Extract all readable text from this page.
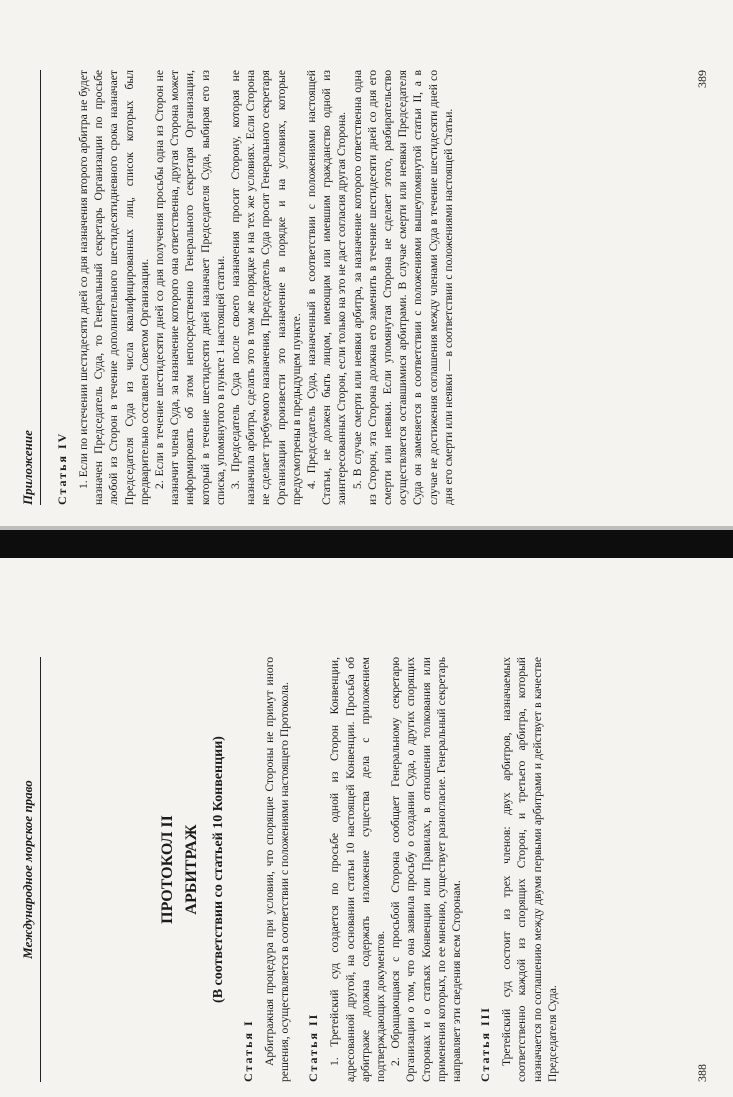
Международное морское право	ПРОТОКОЛ II АРБИТРАЖ (В соответствии со статьей 10 Конвенции)
Статья I Арбитражная процедура при условии, что спорящие Стороны не примут иного решения, осуществляется в соответствии с положениями настоящего Протокола. Статья II 1. Третейский суд создается по просьбе одной из Сторон Конвенции, адресованной другой, на основании статьи 10 настоящей Конвенции. Просьба об арбитраже должна содержать изложение существа дела с приложением подтверждающих документов. 2. Обращающаяся с просьбой Сторона сообщает Генеральному секретарю Организации о том, что она заявила просьбу о создании Суда, о других спорящих Сторонах и о статьях Конвенции или Правилах, в отношении толкования или применения которых, по ее мнению, существует разногласие. Генеральный секретарь направляет эти сведения всем Сторонам. Статья III Третейский суд состоит из трех членов: двух арбитров, назначаемых соответственно каждой из спорящих Сторон, и третьего арбитра, который назначается по соглашению между двумя первыми арбитрами и действует в качестве Председателя Суда.	388
Приложение Статья IV 1. Если по истечении шестидесяти дней со дня назначения второго арбитра не будет назначен Председатель Суда, то Генеральный секретарь Организации по просьбе любой из Сторон в течение дополнительного шестидесятидневного срока назначает Председателя Суда из числа квалифицированных лиц, список которых был предварительно составлен Советом Организации. 2. Если в течение шестидесяти дней со дня получения просьбы одна из Сторон не назначит члена Суда, за назначение которого она ответственна, другая Сторона может информировать об этом непосредственно Генерального секретаря Организации, который в течение шестидесяти дней назначает Председателя Суда, выбирая его из списка, упомянутого в пункте 1 настоящей статьи. 3. Председатель Суда после своего назначения просит Сторону, которая не назначила арбитра, сделать это в том же порядке и на тех же условиях. Если Сторона не сделает требуемого назначения, Председатель Суда просит Генерального секретаря Организации произвести это назначение в порядке и на условиях, которые предусмотрены в предыдущем пункте. 4. Председатель Суда, назначенный в соответствии с положениями настоящей Статьи, не должен быть лицом, имеющим или имевшим гражданство одной из заинтересованных Сторон, если только на это не даст согласия другая Сторона. 5. В случае смерти или неявки арбитра, за назначение которого ответственна одна из Сторон, эта Сторона должна его заменить в течение шестидесяти дней со дня его смерти или неявки. Если упомянутая Сторона не сделает этого, разбирательство осуществляется оставшимися арбитрами. В случае смерти или неявки Председателя Суда он заменяется в соответствии с положениями вышеупомянутой статьи II, а в случае не достижения соглашения между членами Суда в течение шестидесяти дней со дня его смерти или неявки — в соответствии с положениями настоящей Статьи.

389
